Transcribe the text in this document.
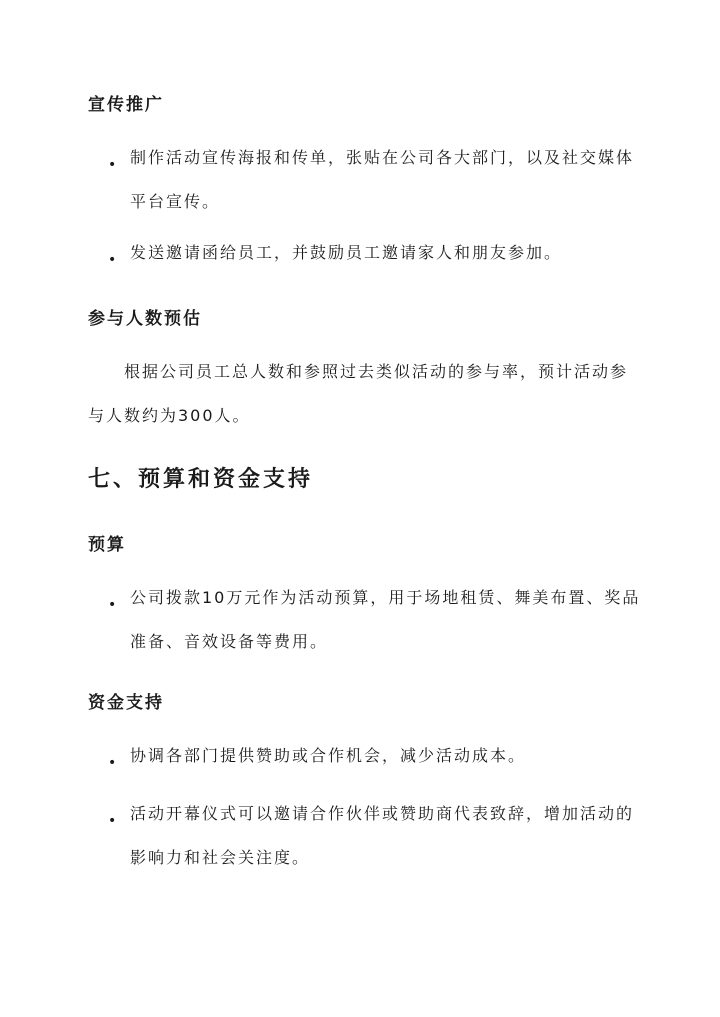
宣传推广
• 制作活动宣传海报和传单，张贴在公司各大部门，以及社交媒体平台宣传。
• 发送邀请函给员工，并鼓励员工邀请家人和朋友参加。
参与人数预估

根据公司员工总人数和参照过去类似活动的参与率，预计活动参与人数约为300人。

七、预算和资金支持
预算
• 公司拨款10万元作为活动预算，用于场地租赁、舞美布置、奖品准备、音效设备等费用。
资金支持
• 协调各部门提供赞助或合作机会，减少活动成本。
• 活动开幕仪式可以邀请合作伙伴或赞助商代表致辞，增加活动的影响力和社会关注度。
